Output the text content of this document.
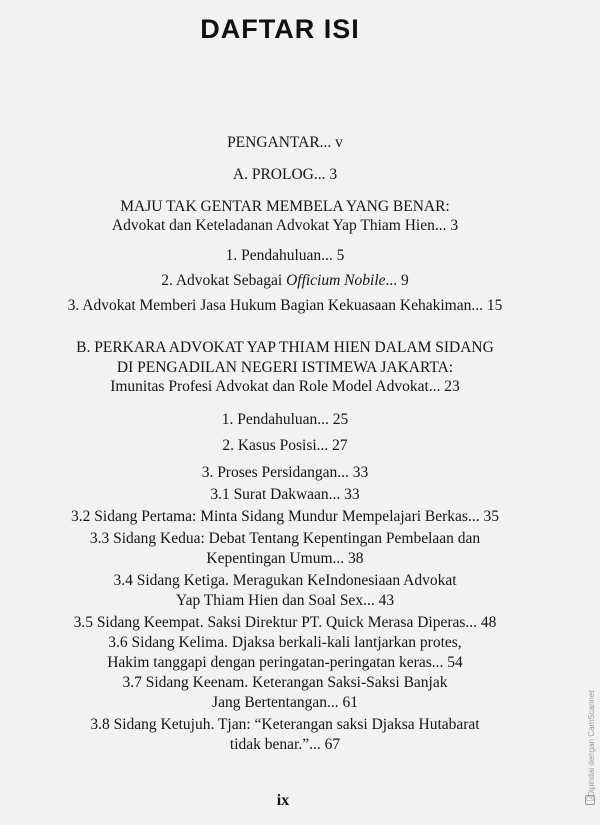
DAFTAR ISI
PENGANTAR... v
A. PROLOG... 3
MAJU TAK GENTAR MEMBELA YANG BENAR:
Advokat dan Keteladanan Advokat Yap Thiam Hien... 3
1. Pendahuluan... 5
2. Advokat Sebagai Officium Nobile... 9
3. Advokat Memberi Jasa Hukum Bagian Kekuasaan Kehakiman... 15
B. PERKARA ADVOKAT YAP THIAM HIEN DALAM SIDANG
DI PENGADILAN NEGERI ISTIMEWA JAKARTA:
Imunitas Profesi Advokat dan Role Model Advokat... 23
1. Pendahuluan... 25
2. Kasus Posisi... 27
3. Proses Persidangan... 33
3.1 Surat Dakwaan... 33
3.2 Sidang Pertama: Minta Sidang Mundur Mempelajari Berkas... 35
3.3 Sidang Kedua: Debat Tentang Kepentingan Pembelaan dan
Kepentingan Umum... 38
3.4 Sidang Ketiga. Meragukan KeIndonesiaan Advokat
Yap Thiam Hien dan Soal Sex... 43
3.5 Sidang Keempat. Saksi Direktur PT. Quick Merasa Diperas... 48
3.6 Sidang Kelima. Djaksa berkali-kali lantjarkan protes,
Hakim tanggapi dengan peringatan-peringatan keras... 54
3.7 Sidang Keenam. Keterangan Saksi-Saksi Banjak
Jang Bertentangan... 61
3.8 Sidang Ketujuh. Tjan: “Keterangan saksi Djaksa Hutabarat
tidak benar.”... 67
ix
Dipindai dengan CamScanner
CS
